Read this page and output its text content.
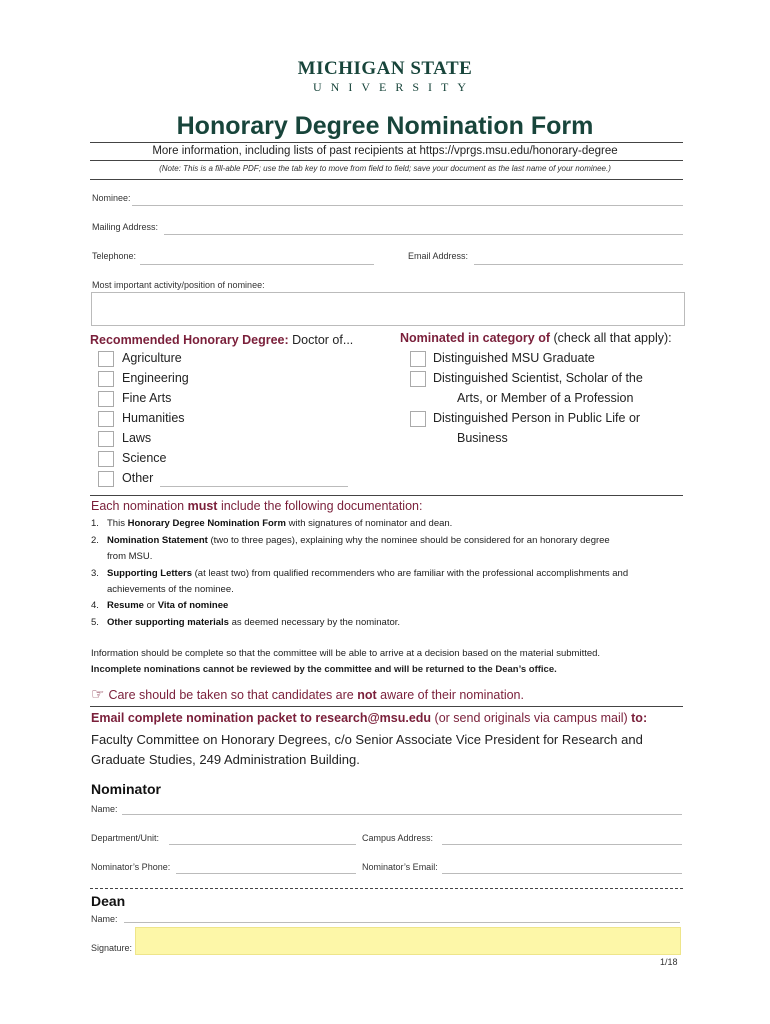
MICHIGAN STATE
UNIVERSITY
Honorary Degree Nomination Form
More information, including lists of past recipients at https://vprgs.msu.edu/honorary-degree
(Note: This is a fill-able PDF; use the tab key to move from field to field; save your document as the last name of your nominee.)
Nominee:
Mailing Address:
Telephone:	Email Address:
Most important activity/position of nominee:
Recommended Honorary Degree: Doctor of...
Agriculture
Engineering
Fine Arts
Humanities
Laws
Science
Other
Nominated in category of (check all that apply):
Distinguished MSU Graduate
Distinguished Scientist, Scholar of the
Arts, or Member of a Profession
Distinguished Person in Public Life or
Business
Each nomination must include the following documentation:
1. This Honorary Degree Nomination Form with signatures of nominator and dean.
2. Nomination Statement (two to three pages), explaining why the nominee should be considered for an honorary degree
from MSU.
3. Supporting Letters (at least two) from qualified recommenders who are familiar with the professional accomplishments and
achievements of the nominee.
4. Resume or Vita of nominee
5. Other supporting materials as deemed necessary by the nominator.
Information should be complete so that the committee will be able to arrive at a decision based on the material submitted.
Incomplete nominations cannot be reviewed by the committee and will be returned to the Dean’s office.
☞ Care should be taken so that candidates are not aware of their nomination.
Email complete nomination packet to research@msu.edu (or send originals via campus mail) to:
Faculty Committee on Honorary Degrees, c/o Senior Associate Vice President for Research and
Graduate Studies, 249 Administration Building.
Nominator
Name:
Department/Unit:	Campus Address:
Nominator’s Phone:	Nominator’s Email:
Dean
Name:
Signature:
1/18
